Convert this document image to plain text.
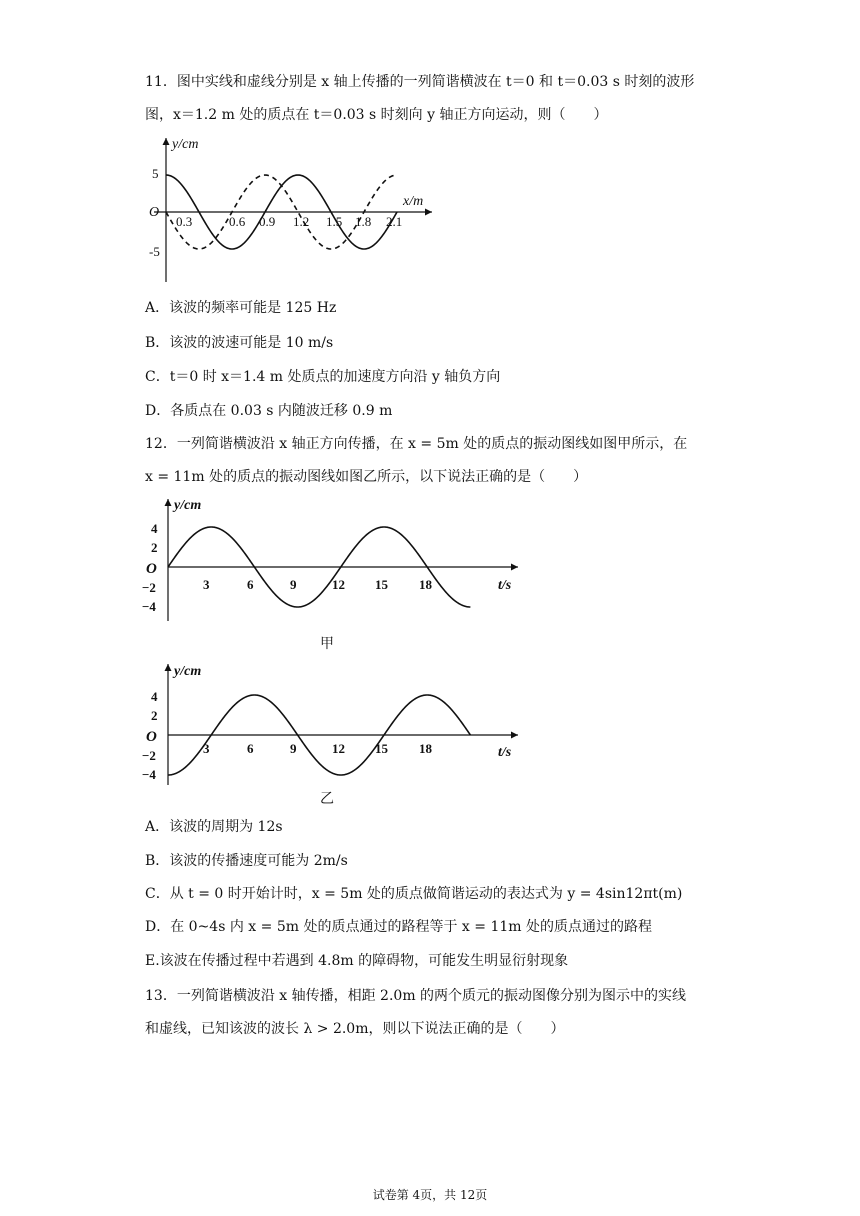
11．图中实线和虚线分别是 x 轴上传播的一列简谐横波在 t＝0 和 t＝0.03 s 时刻的波形
图，x＝1.2 m 处的质点在 t＝0.03 s 时刻向 y 轴正方向运动，则（　　）
y/cm
x/m
O
5
-5
0.3	0.6 0.9 1.2 1.5 1.8 2.1
A．该波的频率可能是 125 Hz
B．该波的波速可能是 10 m/s
C．t＝0 时 x＝1.4 m 处质点的加速度方向沿 y 轴负方向
D．各质点在 0.03 s 内随波迁移 0.9 m
12．一列简谐横波沿 x 轴正方向传播，在 x = 5m 处的质点的振动图线如图甲所示，在
x = 11m 处的质点的振动图线如图乙所示，以下说法正确的是（　　）
y/cm
t/s
O
4
2
−2
−4
3	6	9	12 15 18
甲
y/cm
t/s
O
4
2
−2
−4
3	6	9	12 15 18
乙
A．该波的周期为 12s
B．该波的传播速度可能为 2m/s
C．从 t = 0 时开始计时，x = 5m 处的质点做简谐运动的表达式为 y = 4sin12πt(m)
D．在 0~4s 内 x = 5m 处的质点通过的路程等于 x = 11m 处的质点通过的路程
E.该波在传播过程中若遇到 4.8m 的障碍物，可能发生明显衍射现象
13．一列简谐横波沿 x 轴传播，相距 2.0m 的两个质元的振动图像分别为图示中的实线
和虚线，已知该波的波长 λ > 2.0m，则以下说法正确的是（　　）
试卷第 4页，共 12页
